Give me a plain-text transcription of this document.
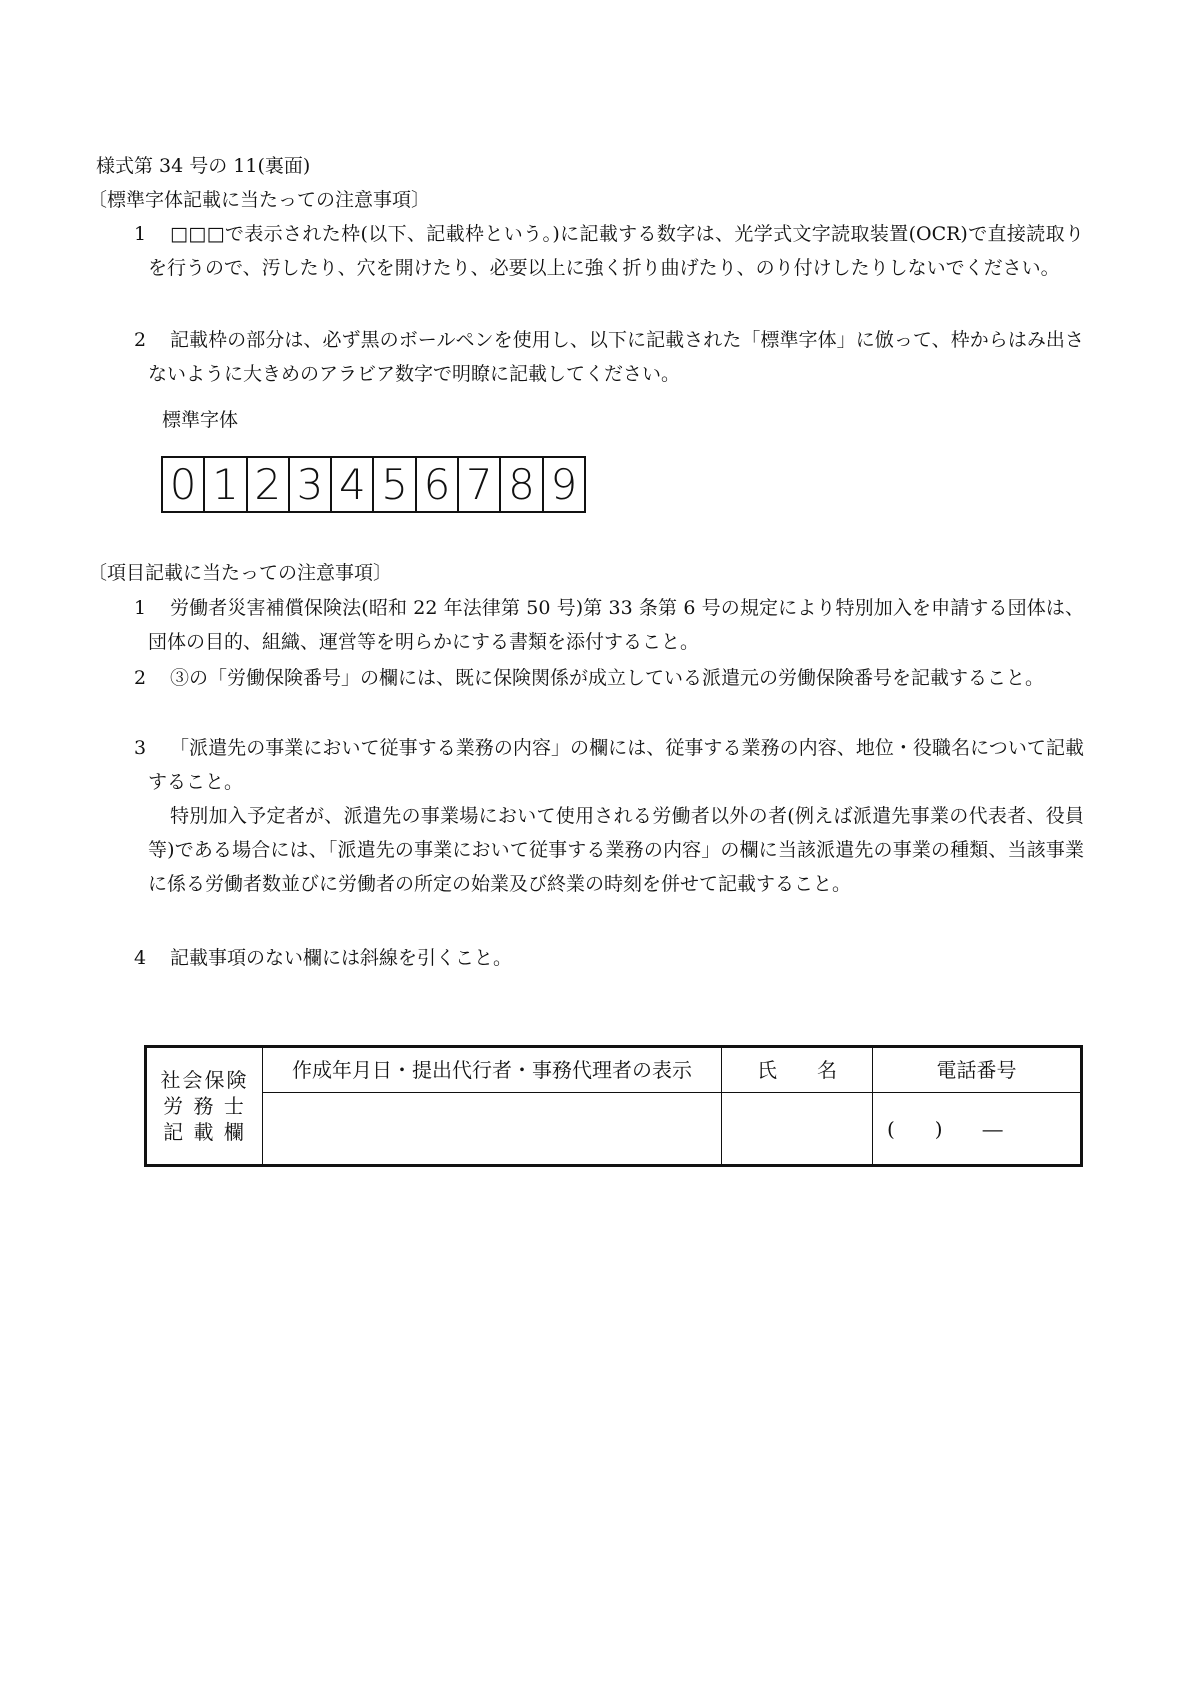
様式第 34 号の 11(裏面)
〔標準字体記載に当たっての注意事項〕
1	□□□で表示された枠(以下、記載枠という。)に記載する数字は、光学式文字読取装置(OCR)で直接読取りを行うので、汚したり、穴を開けたり、必要以上に強く折り曲げたり、のり付けしたりしないでください。
2	記載枠の部分は、必ず黒のボールペンを使用し、以下に記載された「標準字体」に倣って、枠からはみ出さないように大きめのアラビア数字で明瞭に記載してください。
標準字体
0 1 2 3 4 5 6 7 8 9
〔項目記載に当たっての注意事項〕
1	労働者災害補償保険法(昭和 22 年法律第 50 号)第 33 条第 6 号の規定により特別加入を申請する団体は、団体の目的、組織、運営等を明らかにする書類を添付すること。
2	③の「労働保険番号」の欄には、既に保険関係が成立している派遣元の労働保険番号を記載すること。
3	「派遣先の事業において従事する業務の内容」の欄には、従事する業務の内容、地位・役職名について記載すること。
特別加入予定者が、派遣先の事業場において使用される労働者以外の者(例えば派遣先事業の代表者、役員等)である場合には、「派遣先の事業において従事する業務の内容」の欄に当該派遣先の事業の種類、当該事業に係る労働者数並びに労働者の所定の始業及び終業の時刻を併せて記載すること。
4	記載事項のない欄には斜線を引くこと。
社会保険
労 務 士
記 載 欄	作成年月日・提出代行者・事務代理者の表示	氏　　名	電話番号
			(　　)　　―
